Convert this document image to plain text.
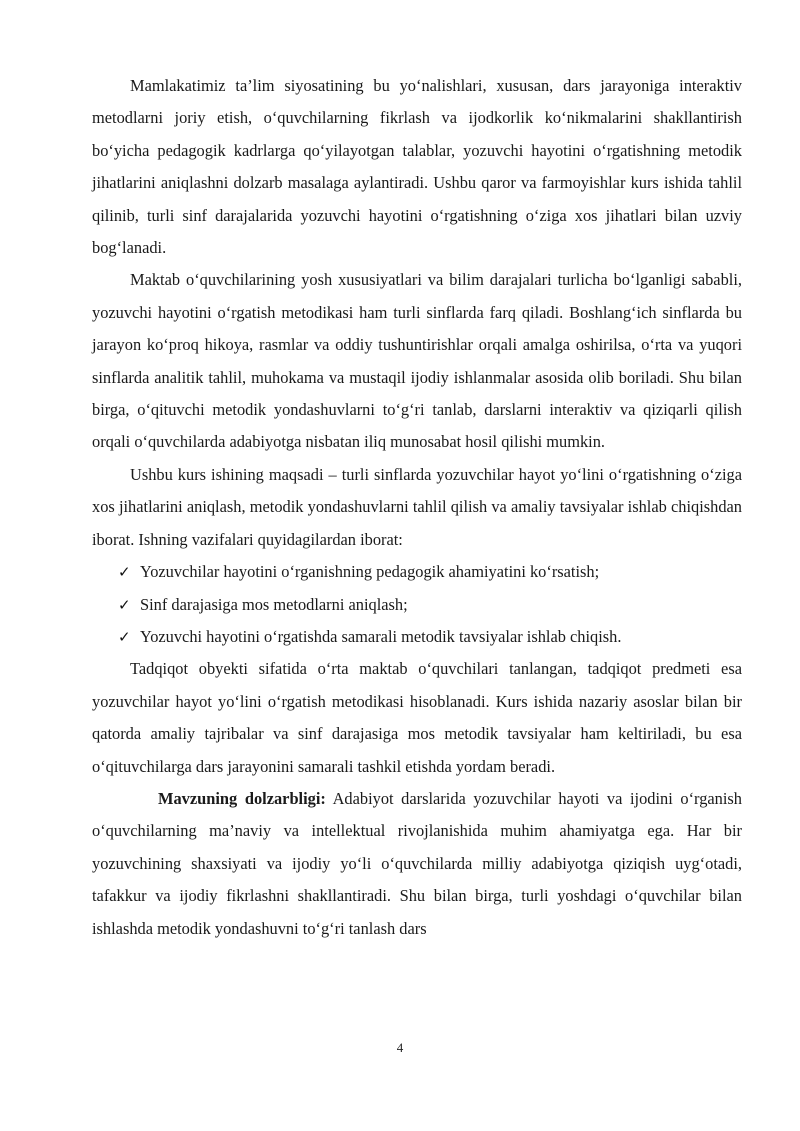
Mamlakatimiz ta’lim siyosatining bu yo‘nalishlari, xususan, dars jarayoniga interaktiv metodlarni joriy etish, o‘quvchilarning fikrlash va ijodkorlik ko‘nikmalarini shakllantirish bo‘yicha pedagogik kadrlarga qo‘yilayotgan talablar, yozuvchi hayotini o‘rgatishning metodik jihatlarini aniqlashni dolzarb masalaga aylantiradi. Ushbu qaror va farmoyishlar kurs ishida tahlil qilinib, turli sinf darajalarida yozuvchi hayotini o‘rgatishning o‘ziga xos jihatlari bilan uzviy bog‘lanadi.

Maktab o‘quvchilarining yosh xususiyatlari va bilim darajalari turlicha bo‘lganligi sababli, yozuvchi hayotini o‘rgatish metodikasi ham turli sinflarda farq qiladi. Boshlang‘ich sinflarda bu jarayon ko‘proq hikoya, rasmlar va oddiy tushuntirishlar orqali amalga oshirilsa, o‘rta va yuqori sinflarda analitik tahlil, muhokama va mustaqil ijodiy ishlanmalar asosida olib boriladi. Shu bilan birga, o‘qituvchi metodik yondashuvlarni to‘g‘ri tanlab, darslarni interaktiv va qiziqarli qilish orqali o‘quvchilarda adabiyotga nisbatan iliq munosabat hosil qilishi mumkin.

Ushbu kurs ishining maqsadi – turli sinflarda yozuvchilar hayot yo‘lini o‘rgatishning o‘ziga xos jihatlarini aniqlash, metodik yondashuvlarni tahlil qilish va amaliy tavsiyalar ishlab chiqishdan iborat. Ishning vazifalari quyidagilardan iborat:

✓ Yozuvchilar hayotini o‘rganishning pedagogik ahamiyatini ko‘rsatish;
✓ Sinf darajasiga mos metodlarni aniqlash;
✓ Yozuvchi hayotini o‘rgatishda samarali metodik tavsiyalar ishlab chiqish.

Tadqiqot obyekti sifatida o‘rta maktab o‘quvchilari tanlangan, tadqiqot predmeti esa yozuvchilar hayot yo‘lini o‘rgatish metodikasi hisoblanadi. Kurs ishida nazariy asoslar bilan bir qatorda amaliy tajribalar va sinf darajasiga mos metodik tavsiyalar ham keltiriladi, bu esa o‘qituvchilarga dars jarayonini samarali tashkil etishda yordam beradi.

Mavzuning dolzarbligi: Adabiyot darslarida yozuvchilar hayoti va ijodini o‘rganish o‘quvchilarning ma’naviy va intellektual rivojlanishida muhim ahamiyatga ega. Har bir yozuvchining shaxsiyati va ijodiy yo‘li o‘quvchilarda milliy adabiyotga qiziqish uyg‘otadi, tafakkur va ijodiy fikrlashni shakllantiradi. Shu bilan birga, turli yoshdagi o‘quvchilar bilan ishlashda metodik yondashuvni to‘g‘ri tanlash dars

4
